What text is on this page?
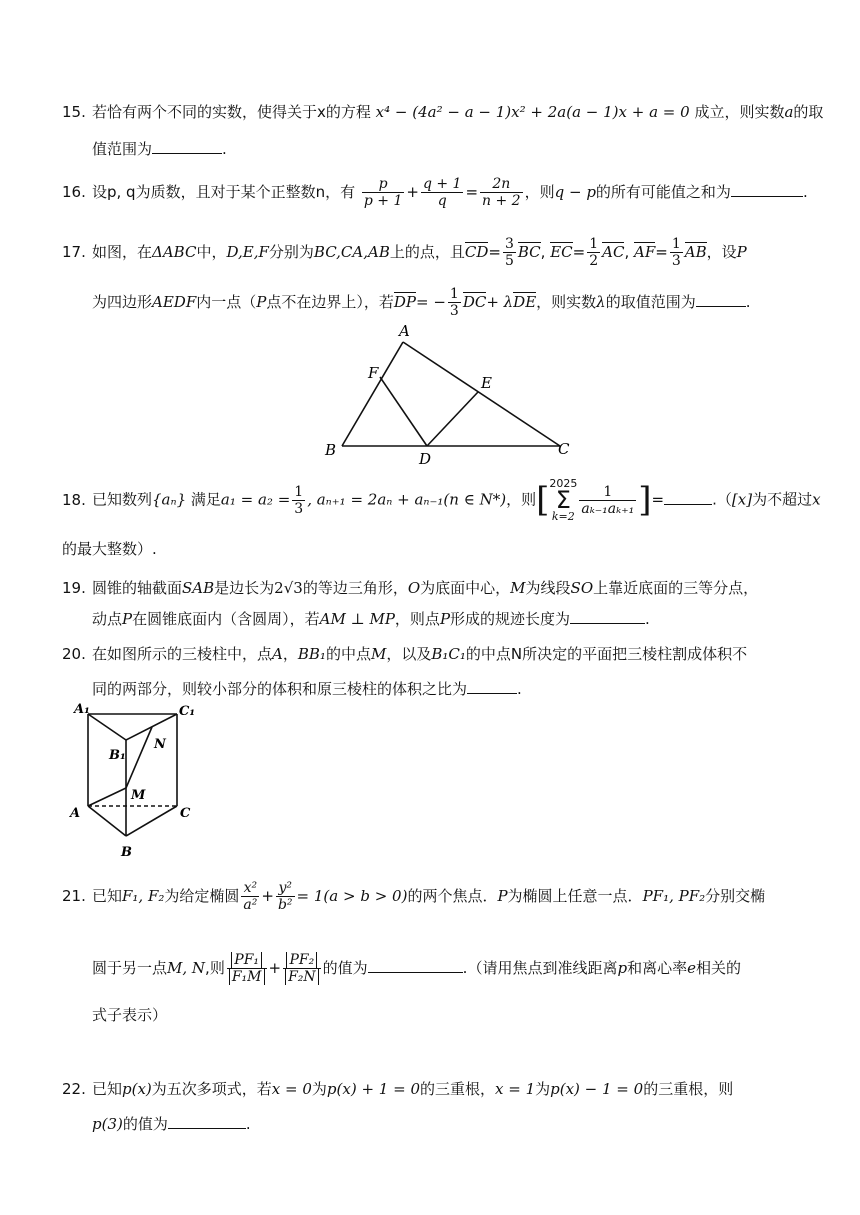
15. 若恰有两个不同的实数，使得关于x的方程 x⁴ − (4a² − a − 1)x² + 2a(a − 1)x + a = 0 成立，则实数a的取
值范围为	.
16. 设p, q为质数，且对于某个正整数n，有 $\frac{p}{p + 1} + \frac{q + 1}{q} = \frac{2n}{n + 2}$ ，则q − p的所有可能值之和为	.
17. 如图，在ΔABC中，D,E,F分别为BC,CA,AB上的点，且$CD= \frac{3}{5}$ BC, $EC= \frac{1}{2}$ AC, $AF= \frac{1}{3}$ AB，设P
为四边形AEDF内一点（P点不在边界上），若$DP= - \frac{1}{3} DC+ \lambda DE$，则实数λ的取值范围为	.
A
B	C
D
E
F
18. 已知数列{aₙ} 满足$a_1 = a_2 = \frac{1}{3}$ , aₙ₊₁ = 2aₙ + aₙ₋₁(n ∈ N*)，则[ 2025
Σ
$k=2 \frac{1}{\text{aₖ₋₁aₖ₊₁}}$ ]=	.（[x]为不超过x
的最大整数）.
19. 圆锥的轴截面SAB是边长为2√3的等边三角形，O为底面中心，M为线段SO上靠近底面的三等分点，
动点P在圆锥底面内（含圆周），若AM ⊥ MP，则点P形成的规迹长度为	.
20. 在如图所示的三棱柱中，点A，BB₁的中点M，以及B₁C₁的中点N所决定的平面把三棱柱割成体积不
同的两部分，则较小部分的体积和原三棱柱的体积之比为	.
A₁	C₁
B₁
N
M
A	C
B
21. 已知F₁, F₂为给定椭圆 $\frac{\text{x²}}{\text{a²}} + \frac{\text{y²}}{\text{b²}} = 1(a > b > 0)$的两个焦点．P为椭圆上任意一点．PF₁, PF₂分别交椭
圆于另一点M, N,则 $\frac{\text{PF₁}}{\text{F₁M}} + \frac{\text{PF₂}}{\text{F₂N}}$ 的值为	.（请用焦点到准线距离p和离心率e相关的
式子表示）
22. 已知p(x)为五次多项式，若x = 0为p(x) + 1 = 0的三重根，x = 1为p(x) − 1 = 0的三重根，则
p(3)的值为	.
